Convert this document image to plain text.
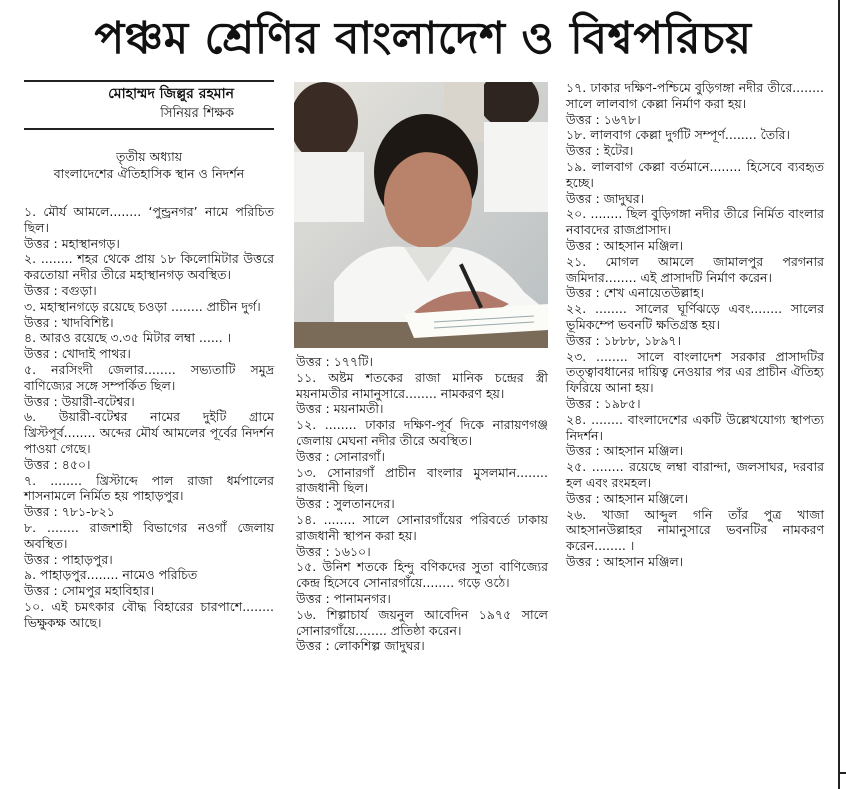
পঞ্চম শ্রেণির বাংলাদেশ ও বিশ্বপরিচয়
মোহাম্মদ জিল্লুর রহমান
সিনিয়র শিক্ষক
তৃতীয় অধ্যায়
বাংলাদেশের ঐতিহাসিক স্থান ও নিদর্শন

১. মৌর্য আমলে........ ‘পুন্ড্রনগর’ নামে পরিচিত ছিল।

উত্তর : মহাস্থানগড়।

২. ........ শহর থেকে প্রায় ১৮ কিলোমিটার উত্তরে করতোয়া নদীর তীরে মহাস্থানগড় অবস্থিত।

উত্তর : বগুড়া।

৩. মহাস্থানগড়ে রয়েছে চওড়া ........ প্রাচীন দুর্গ।

উত্তর : খাদবিশিষ্ট।

৪. আরও রয়েছে ৩.৩৫ মিটার লম্বা ...... ।

উত্তর : খোদাই পাথর।

৫. নরসিংদী জেলার........ সভ্যতাটি সমুদ্র বাণিজ্যের সঙ্গে সম্পর্কিত ছিল।

উত্তর : উয়ারী-বটেশ্বর।

৬. উয়ারী-বটেশ্বর নামের দুইটি গ্রামে খ্রিস্টপূর্ব........ অব্দের মৌর্য আমলের পূর্বের নিদর্শন পাওয়া গেছে।

উত্তর : ৪৫০।

৭. ........ খ্রিস্টাব্দে পাল রাজা ধর্মপালের শাসনামলে নির্মিত হয় পাহাড়পুর।

উত্তর : ৭৮১-৮২১

৮. ........ রাজশাহী বিভাগের নওগাঁ জেলায় অবস্থিত।

উত্তর : পাহাড়পুর।

৯. পাহাড়পুর........ নামেও পরিচিত

উত্তর : সোমপুর মহাবিহার।

১০. এই চমৎকার বৌদ্ধ বিহারের চারপাশে........ ভিক্ষুকক্ষ আছে।

উত্তর : ১৭৭টি।

১১. অষ্টম শতকের রাজা মানিক চন্দ্রের স্ত্রী ময়নামতীর নামানুসারে........ নামকরণ হয়।

উত্তর : ময়নামতী।

১২. ........ ঢাকার দক্ষিণ-পূর্ব দিকে নারায়ণগঞ্জ জেলায় মেঘনা নদীর তীরে অবস্থিত।

উত্তর : সোনারগাঁ।

১৩. সোনারগাঁ প্রাচীন বাংলার মুসলমান........ রাজধানী ছিল।

উত্তর : সুলতানদের।

১৪. ........ সালে সোনারগাঁয়ের পরিবর্তে ঢাকায় রাজধানী স্থাপন করা হয়।

উত্তর : ১৬১০।

১৫. উনিশ শতকে হিন্দু বণিকদের সুতা বাণিজ্যের কেন্দ্র হিসেবে সোনারগাঁয়ে........ গড়ে ওঠে।

উত্তর : পানামনগর।

১৬. শিল্পাচার্য জয়নুল আবেদিন ১৯৭৫ সালে সোনারগাঁয়ে........ প্রতিষ্ঠা করেন।

উত্তর : লোকশিল্প জাদুঘর।

১৭. ঢাকার দক্ষিণ-পশ্চিমে বুড়িগঙ্গা নদীর তীরে........ সালে লালবাগ কেল্লা নির্মাণ করা হয়।

উত্তর : ১৬৭৮।

১৮. লালবাগ কেল্লা দুর্গটি সম্পূর্ণ........ তৈরি।

উত্তর : ইটের।

১৯. লালবাগ কেল্লা বর্তমানে........ হিসেবে ব্যবহৃত হচ্ছে।

উত্তর : জাদুঘর।

২০. ........ ছিল বুড়িগঙ্গা নদীর তীরে নির্মিত বাংলার নবাবদের রাজপ্রাসাদ।

উত্তর : আহসান মঞ্জিল।

২১. মোগল আমলে জামালপুর পরগনার জমিদার........ এই প্রাসাদটি নির্মাণ করেন।

উত্তর : শেখ এনায়েতউল্লাহ।

২২. ........ সালের ঘূর্ণিঝড়ে এবং........ সালের ভূমিকম্পে ভবনটি ক্ষতিগ্রস্ত হয়।

উত্তর : ১৮৮৮, ১৮৯৭।

২৩. ........ সালে বাংলাদেশ সরকার প্রাসাদটির তত্ত্বাবধানের দায়িত্ব নেওয়ার পর এর প্রাচীন ঐতিহ্য ফিরিয়ে আনা হয়।

উত্তর : ১৯৮৫।

২৪. ........ বাংলাদেশের একটি উল্লেখযোগ্য স্থাপত্য নিদর্শন।

উত্তর : আহসান মঞ্জিল।

২৫. ........ রয়েছে লম্বা বারান্দা, জলসাঘর, দরবার হল এবং রংমহল।

উত্তর : আহসান মঞ্জিলে।

২৬. খাজা আব্দুল গনি তাঁর পুত্র খাজা আহসানউল্লাহর নামানুসারে ভবনটির নামকরণ করেন........ ।

উত্তর : আহসান মঞ্জিল।
